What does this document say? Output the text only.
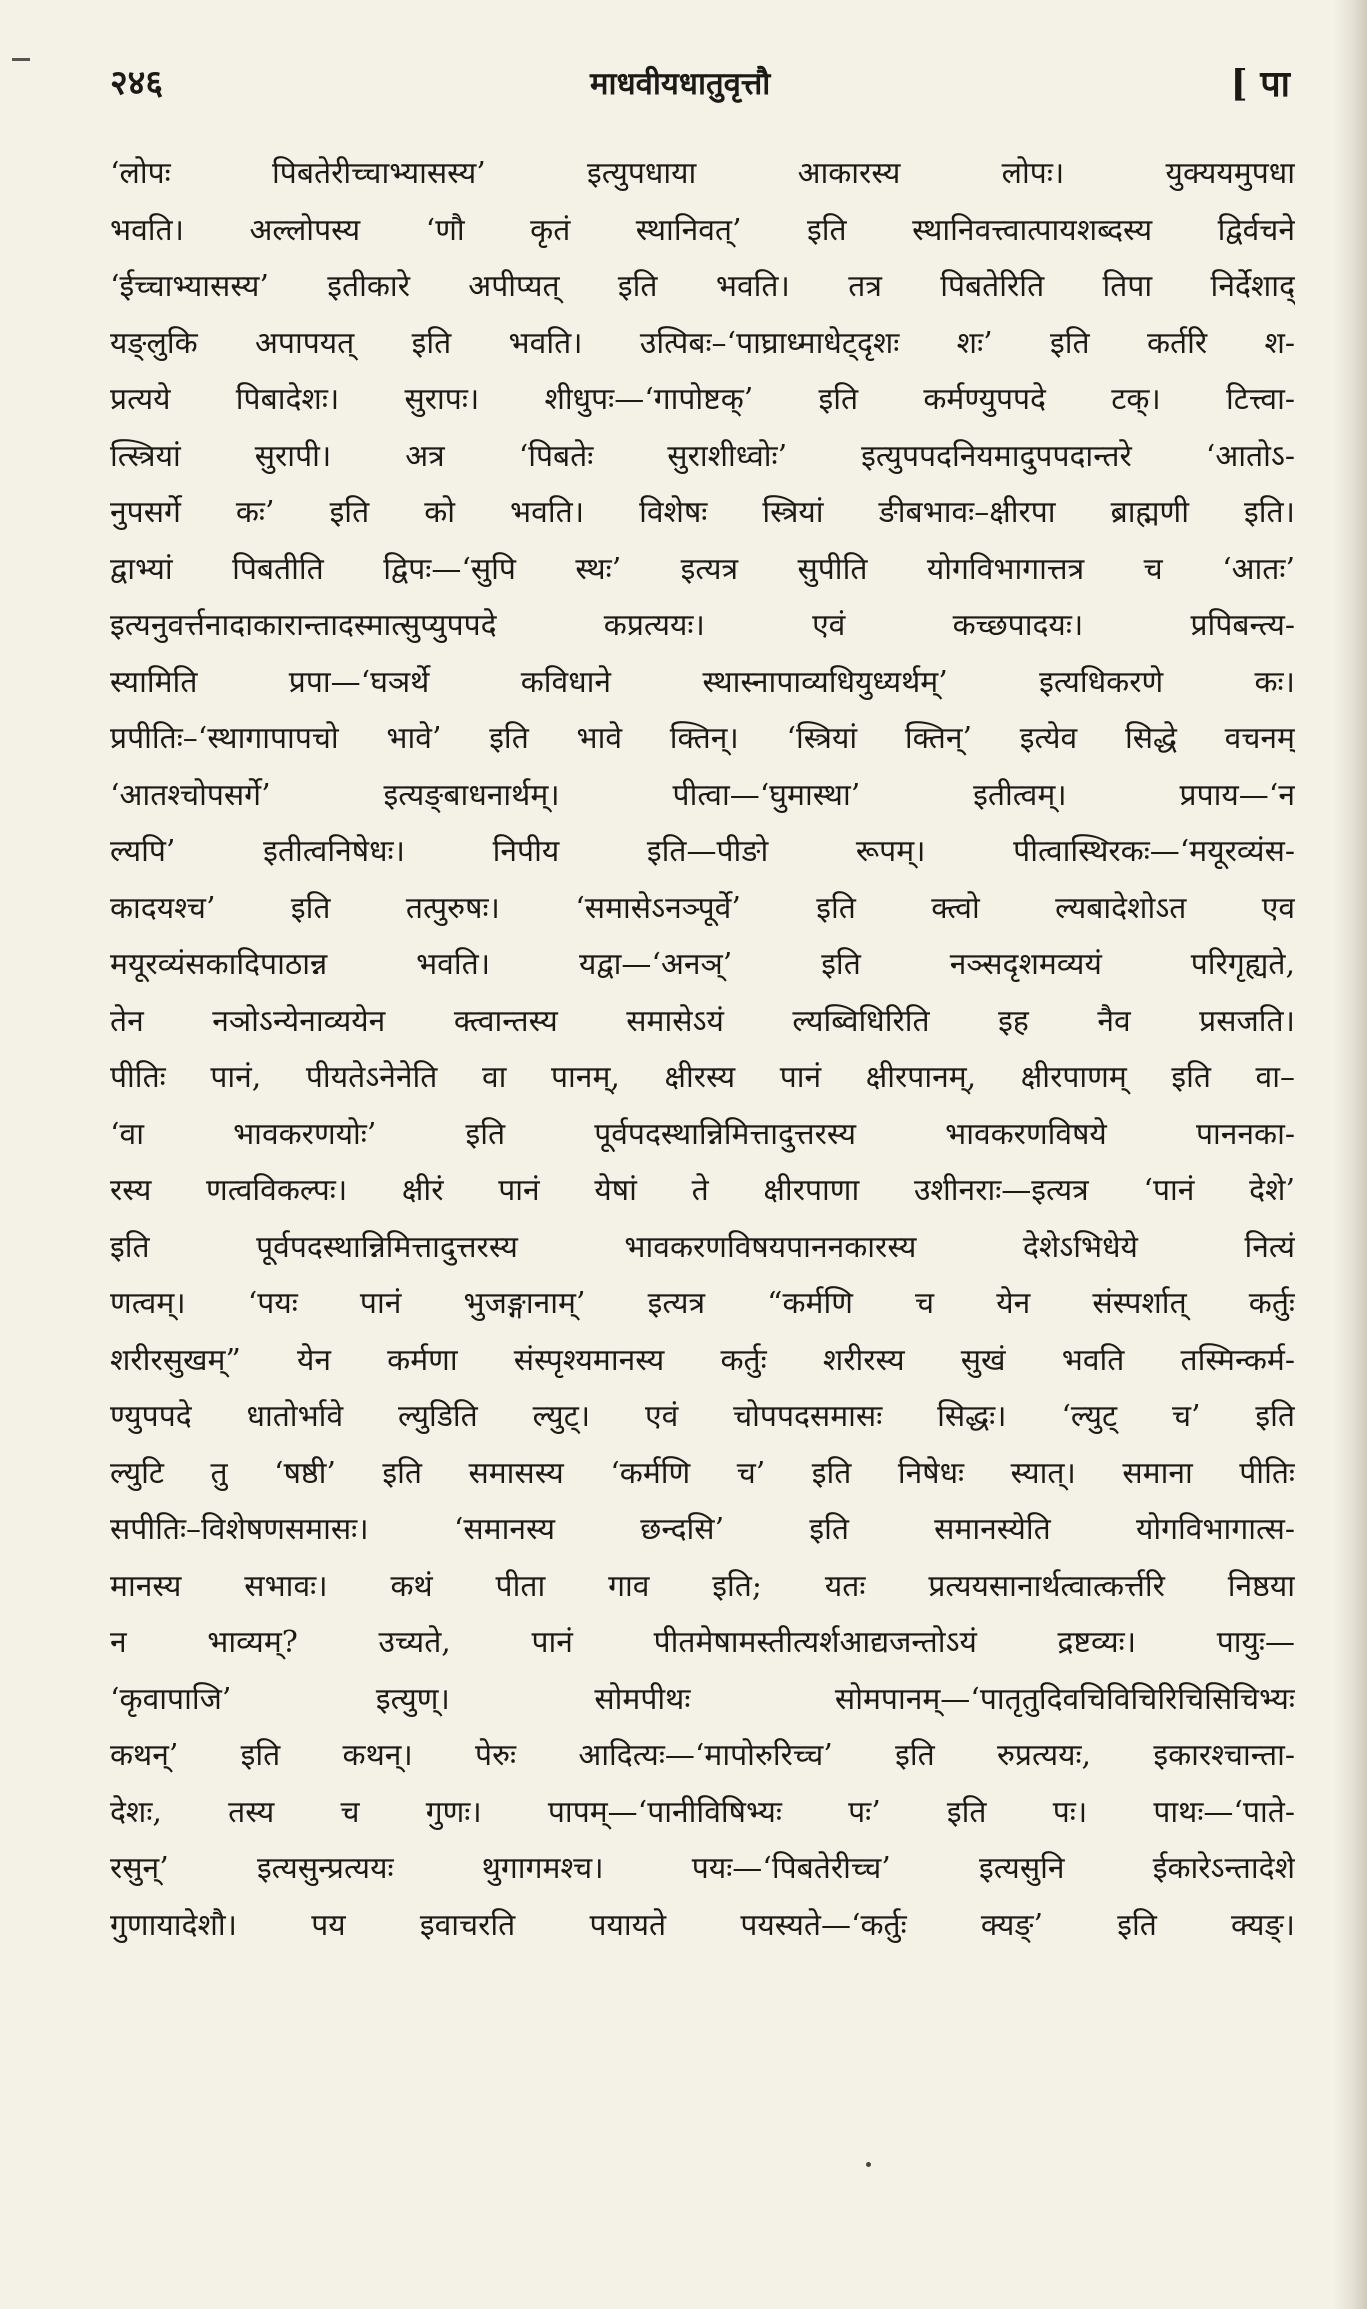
२४६	माधवीयधातुवृत्तौ	[ पा
‘लोपः पिबतेरीच्चाभ्यासस्य’ इत्युपधाया आकारस्य लोपः। युक्ययमुपधा
भवति। अल्लोपस्य ‘णौ कृतं स्थानिवत्’ इति स्थानिवत्त्वात्पायशब्दस्य द्विर्वचने
‘ईच्चाभ्यासस्य’ इतीकारे अपीप्यत् इति भवति। तत्र पिबतेरिति तिपा निर्देशाद्
यङ्लुकि अपापयत् इति भवति। उत्पिबः–‘पाघ्राध्माधेट्दृशः शः’ इति कर्तरि श-
प्रत्यये पिबादेशः। सुरापः। शीधुपः—‘गापोष्टक्’ इति कर्मण्युपपदे टक्। टित्त्वा-
त्स्त्रियां सुरापी। अत्र ‘पिबतेः सुराशीध्वोः’ इत्युपपदनियमादुपपदान्तरे ‘आतोऽ-
नुपसर्गे कः’ इति को भवति। विशेषः स्त्रियां ङीबभावः–क्षीरपा ब्राह्मणी इति।
द्वाभ्यां पिबतीति द्विपः—‘सुपि स्थः’ इत्यत्र सुपीति योगविभागात्तत्र च ‘आतः’
इत्यनुवर्त्तनादाकारान्तादस्मात्सुप्युपपदे कप्रत्ययः। एवं कच्छपादयः। प्रपिबन्त्य-
स्यामिति प्रपा—‘घञर्थे कविधाने स्थास्नापाव्यधियुध्यर्थम्’ इत्यधिकरणे कः।
प्रपीतिः–‘स्थागापापचो भावे’ इति भावे क्तिन्। ‘स्त्रियां क्तिन्’ इत्येव सिद्धे वचनम्
‘आतश्चोपसर्गे’ इत्यङ्बाधनार्थम्। पीत्वा—‘घुमास्था’ इतीत्वम्। प्रपाय—‘न
ल्यपि’ इतीत्वनिषेधः। निपीय इति—पीङो रूपम्। पीत्वास्थिरकः—‘मयूरव्यंस-
कादयश्च’ इति तत्पुरुषः। ‘समासेऽनञ्पूर्वे’ इति क्त्वो ल्यबादेशोऽत एव
मयूरव्यंसकादिपाठान्न भवति। यद्वा—‘अनञ्’ इति नञ्सदृशमव्ययं परिगृह्यते,
तेन नञोऽन्येनाव्ययेन क्त्वान्तस्य समासेऽयं ल्यब्विधिरिति इह नैव प्रसजति।
पीतिः पानं, पीयतेऽनेनेति वा पानम्, क्षीरस्य पानं क्षीरपानम्, क्षीरपाणम् इति वा–
‘वा भावकरणयोः’ इति पूर्वपदस्थान्निमित्तादुत्तरस्य भावकरणविषये पाननका-
रस्य णत्वविकल्पः। क्षीरं पानं येषां ते क्षीरपाणा उशीनराः—इत्यत्र ‘पानं देशे’
इति पूर्वपदस्थान्निमित्तादुत्तरस्य भावकरणविषयपाननकारस्य देशेऽभिधेये नित्यं
णत्वम्। ‘पयः पानं भुजङ्गानाम्’ इत्यत्र “कर्मणि च येन संस्पर्शात् कर्तुः
शरीरसुखम्” येन कर्मणा संस्पृश्यमानस्य कर्तुः शरीरस्य सुखं भवति तस्मिन्कर्म-
ण्युपपदे धातोर्भावे ल्युडिति ल्युट्। एवं चोपपदसमासः सिद्धः। ‘ल्युट् च’ इति
ल्युटि तु ‘षष्ठी’ इति समासस्य ‘कर्मणि च’ इति निषेधः स्यात्। समाना पीतिः
सपीतिः–विशेषणसमासः। ‘समानस्य छन्दसि’ इति समानस्येति योगविभागात्स-
मानस्य सभावः। कथं पीता गाव इति; यतः प्रत्ययसानार्थत्वात्कर्त्तरि निष्ठया
न भाव्यम्? उच्यते, पानं पीतमेषामस्तीत्यर्शआद्यजन्तोऽयं द्रष्टव्यः। पायुः—
‘कृवापाजि’ इत्युण्। सोमपीथः सोमपानम्—‘पातृतुदिवचिविचिरिचिसिचिभ्यः
कथन्’ इति कथन्। पेरुः आदित्यः—‘मापोरुरिच्च’ इति रुप्रत्ययः, इकारश्चान्ता-
देशः, तस्य च गुणः। पापम्—‘पानीविषिभ्यः पः’ इति पः। पाथः—‘पाते-
रसुन्’ इत्यसुन्प्रत्ययः थुगागमश्च। पयः—‘पिबतेरीच्च’ इत्यसुनि ईकारेऽन्तादेशे
गुणायादेशौ। पय इवाचरति पयायते पयस्यते—‘कर्तुः क्यङ्’ इति क्यङ्।
